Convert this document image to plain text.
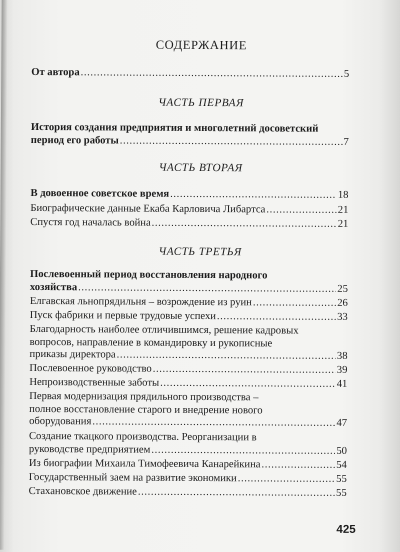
СОДЕРЖАНИЕ
От автора .....	5
ЧАСТЬ ПЕРВАЯ
История создания предприятия и многолетний досоветский
период его работы .....	7
ЧАСТЬ ВТОРАЯ
В довоенное советское время .....	18
Биографические данные Екаба Карловича Либартса .....	21
Спустя год началась война .....	21
ЧАСТЬ ТРЕТЬЯ
Послевоенный период восстановления народного
хозяйства .....	25
Елгавская льнопрядильня – возрождение из руин .....	26
Пуск фабрики и первые трудовые успехи .....	33
Благодарность наиболее отличившимся, решение кадровых
вопросов, направление в командировку и рукописные
приказы директора .....	38
Послевоенное руководство .....	39
Непроизводственные заботы .....	41
Первая модернизация прядильного производства –
полное восстановление старого и внедрение нового
оборудования .....	47
Создание ткацкого производства. Реорганизации в
руководстве предприятием .....	50
Из биографии Михаила Тимофеевича Канарейкина .....	54
Государственный заем на развитие экономики .....	55
Стахановское движение .....	55
425
